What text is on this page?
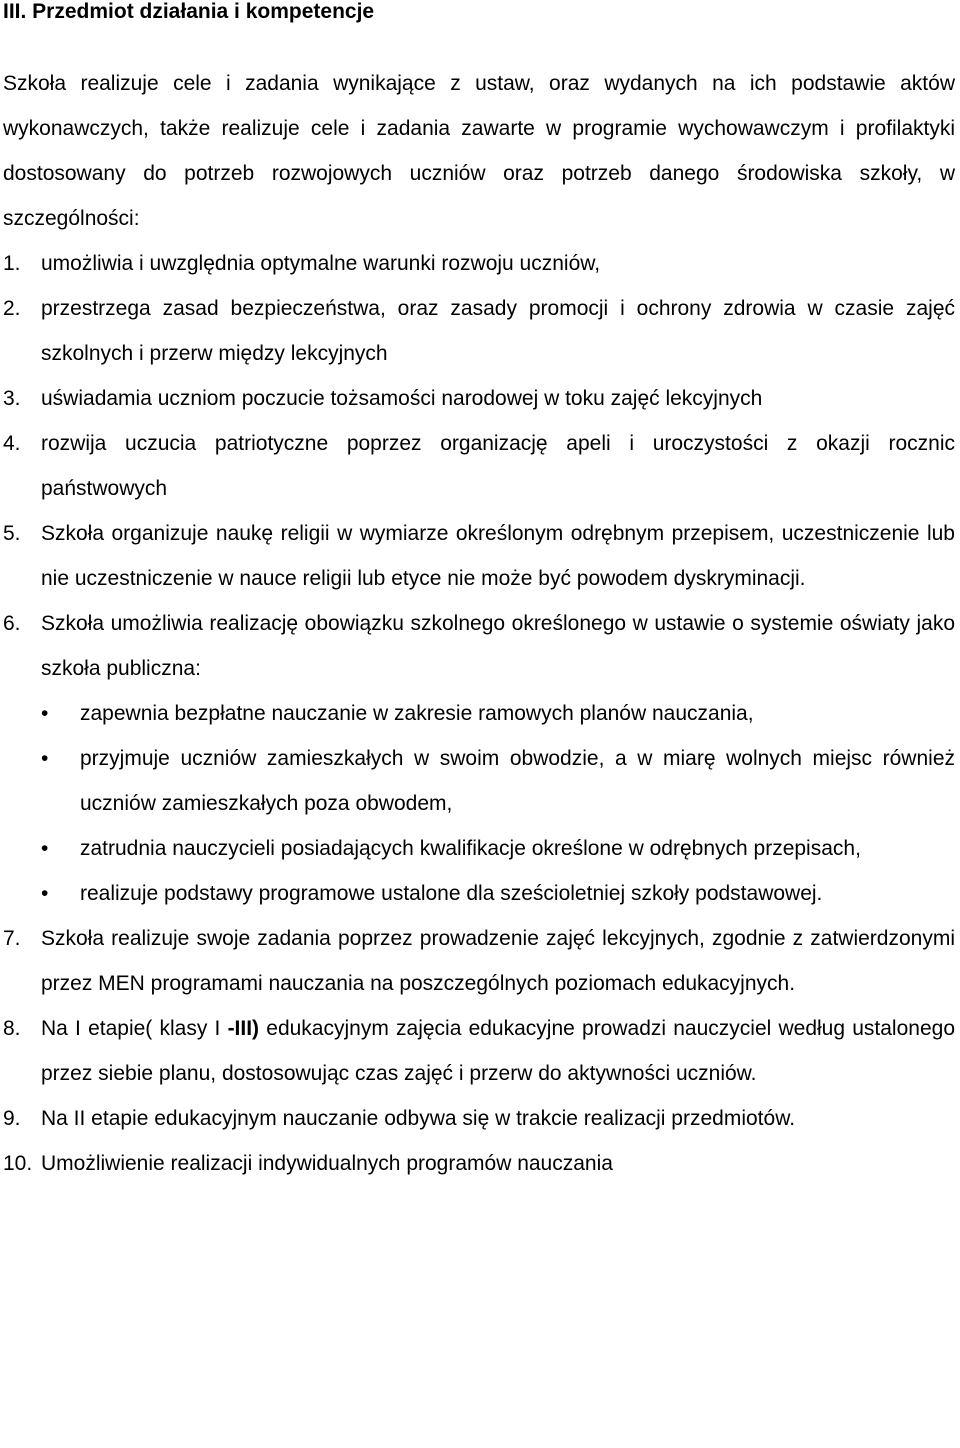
III. Przedmiot działania i kompetencje

Szkoła realizuje cele i zadania wynikające z ustaw, oraz wydanych na ich podstawie aktów wykonawczych, także realizuje cele i zadania zawarte w programie wychowawczym i profilaktyki dostosowany do potrzeb rozwojowych uczniów oraz potrzeb danego środowiska szkoły, w szczególności:

1. umożliwia i uwzględnia optymalne warunki rozwoju uczniów,
2. przestrzega zasad bezpieczeństwa, oraz zasady promocji i ochrony zdrowia w czasie zajęć szkolnych i przerw między lekcyjnych
3. uświadamia uczniom poczucie tożsamości narodowej w toku zajęć lekcyjnych
4. rozwija uczucia patriotyczne poprzez organizację apeli i uroczystości z okazji rocznic państwowych
5. Szkoła organizuje naukę religii w wymiarze określonym odrębnym przepisem, uczestniczenie lub nie uczestniczenie w nauce religii lub etyce nie może być powodem dyskryminacji.
6. Szkoła umożliwia realizację obowiązku szkolnego określonego w ustawie o systemie oświaty jako szkoła publiczna:
• zapewnia bezpłatne nauczanie w zakresie ramowych planów nauczania,
• przyjmuje uczniów zamieszkałych w swoim obwodzie, a w miarę wolnych miejsc również uczniów zamieszkałych poza obwodem,
• zatrudnia nauczycieli posiadających kwalifikacje określone w odrębnych przepisach,
• realizuje podstawy programowe ustalone dla sześcioletniej szkoły podstawowej.
7. Szkoła realizuje swoje zadania poprzez prowadzenie zajęć lekcyjnych, zgodnie z zatwierdzonymi przez MEN programami nauczania na poszczególnych poziomach edukacyjnych.
8. Na I etapie( klasy I -III) edukacyjnym zajęcia edukacyjne prowadzi nauczyciel według ustalonego przez siebie planu, dostosowując czas zajęć i przerw do aktywności uczniów.
9. Na II etapie edukacyjnym nauczanie odbywa się w trakcie realizacji przedmiotów.
10. Umożliwienie realizacji indywidualnych programów nauczania
